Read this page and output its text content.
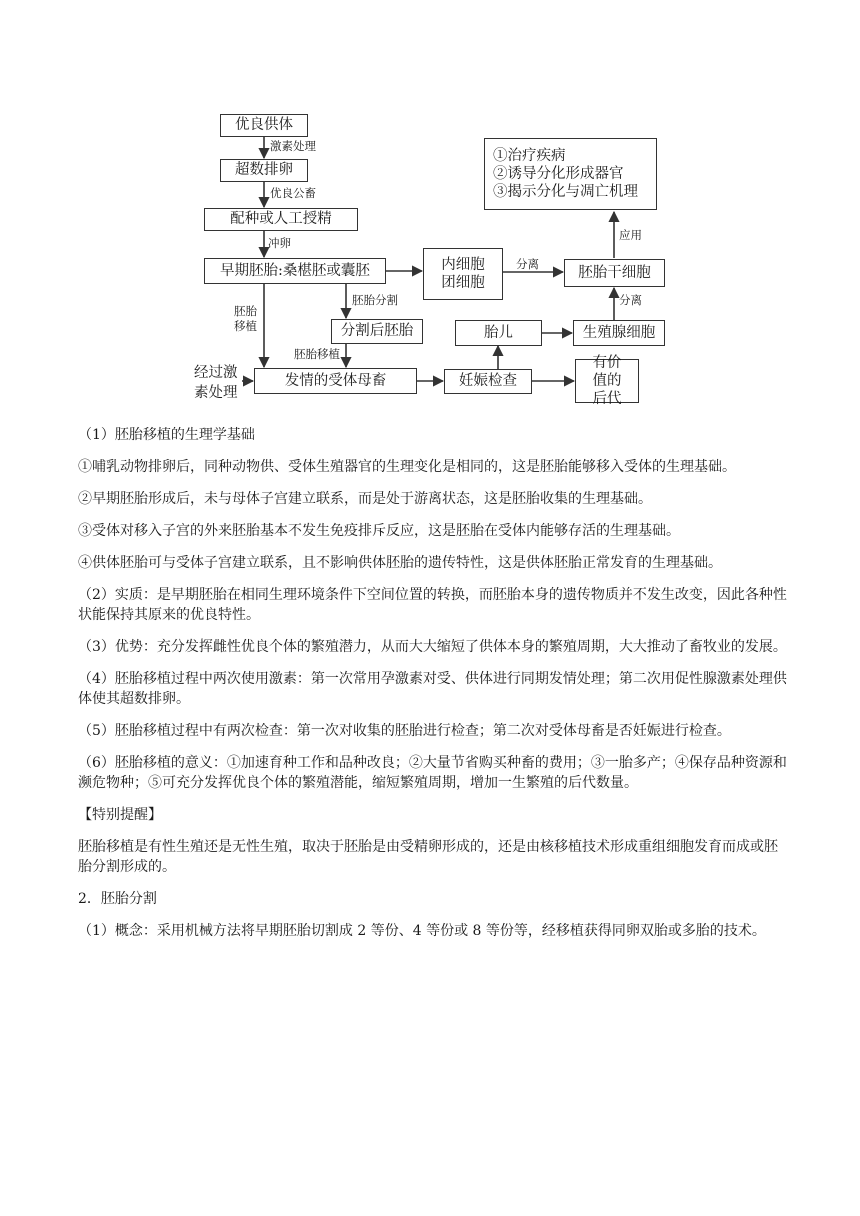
优良供体
超数排卵
配种或人工授精
早期胚胎:桑椹胚或囊胚
分割后胚胎
发情的受体母畜	妊娠检查
有价值的后代
内细胞团细胞
胎儿
胚胎干细胞
生殖腺细胞
①治疗疾病
②诱导分化形成器官
③揭示分化与凋亡机理
激素处理
优良公畜
冲卵
胚胎移植
胚胎分割
胚胎移植
经过激素处理
分离
分离
应用

（1）胚胎移植的生理学基础

①哺乳动物排卵后，同种动物供、受体生殖器官的生理变化是相同的，这是胚胎能够移入受体的生理基础。

②早期胚胎形成后，未与母体子宫建立联系，而是处于游离状态，这是胚胎收集的生理基础。

③受体对移入子宫的外来胚胎基本不发生免疫排斥反应，这是胚胎在受体内能够存活的生理基础。

④供体胚胎可与受体子宫建立联系，且不影响供体胚胎的遗传特性，这是供体胚胎正常发育的生理基础。

（2）实质：是早期胚胎在相同生理环境条件下空间位置的转换，而胚胎本身的遗传物质并不发生改变，因此各种性状能保持其原来的优良特性。

（3）优势：充分发挥雌性优良个体的繁殖潜力，从而大大缩短了供体本身的繁殖周期，大大推动了畜牧业的发展。

（4）胚胎移植过程中两次使用激素：第一次常用孕激素对受、供体进行同期发情处理；第二次用促性腺激素处理供体使其超数排卵。

（5）胚胎移植过程中有两次检查：第一次对收集的胚胎进行检查；第二次对受体母畜是否妊娠进行检查。

（6）胚胎移植的意义：①加速育种工作和品种改良；②大量节省购买种畜的费用；③一胎多产；④保存品种资源和濒危物种；⑤可充分发挥优良个体的繁殖潜能，缩短繁殖周期，增加一生繁殖的后代数量。

【特别提醒】

胚胎移植是有性生殖还是无性生殖，取决于胚胎是由受精卵形成的，还是由核移植技术形成重组细胞发育而成或胚胎分割形成的。

2．胚胎分割

（1）概念：采用机械方法将早期胚胎切割成 2 等份、4 等份或 8 等份等，经移植获得同卵双胎或多胎的技术。
